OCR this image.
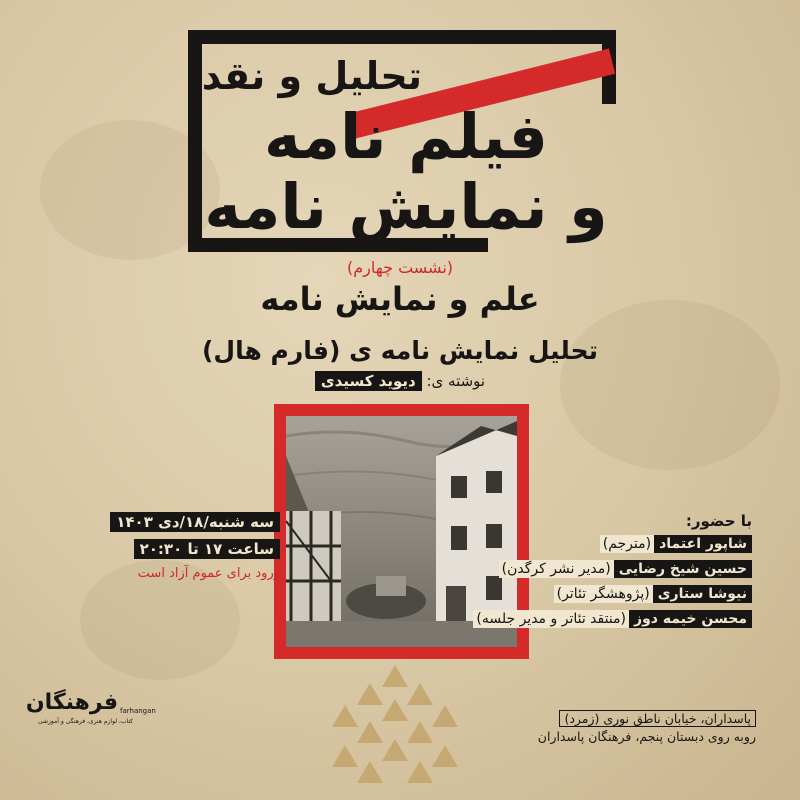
تحلیل و نقد
فیلم نامه
و نمایش نامه
(نشست چهارم)
علم و نمایش نامه
تحلیل نمایش نامه ی (فارم هال)
نوشته ی: دیوید کسیدی
سه شنبه/۱۸/دی ۱۴۰۳
ساعت ۱۷ تا ۲۰:۳۰
ورود برای عموم آزاد است
با حضور:
شاپور اعتماد(مترجم)
حسین شیخ رضایی(مدیر نشر کرگدن)
نیوشا ستاری(پژوهشگر تئاتر)
محسن خیمه دوز(منتقد تئاتر و مدیر جلسه)
پاسداران، خیابان ناطق نوری (زمرد)
روبه روی دبستان پنجم، فرهنگان پاسداران
فرهنگان farhangan
کتاب، لوازم هنری، فرهنگی و آموزشی
